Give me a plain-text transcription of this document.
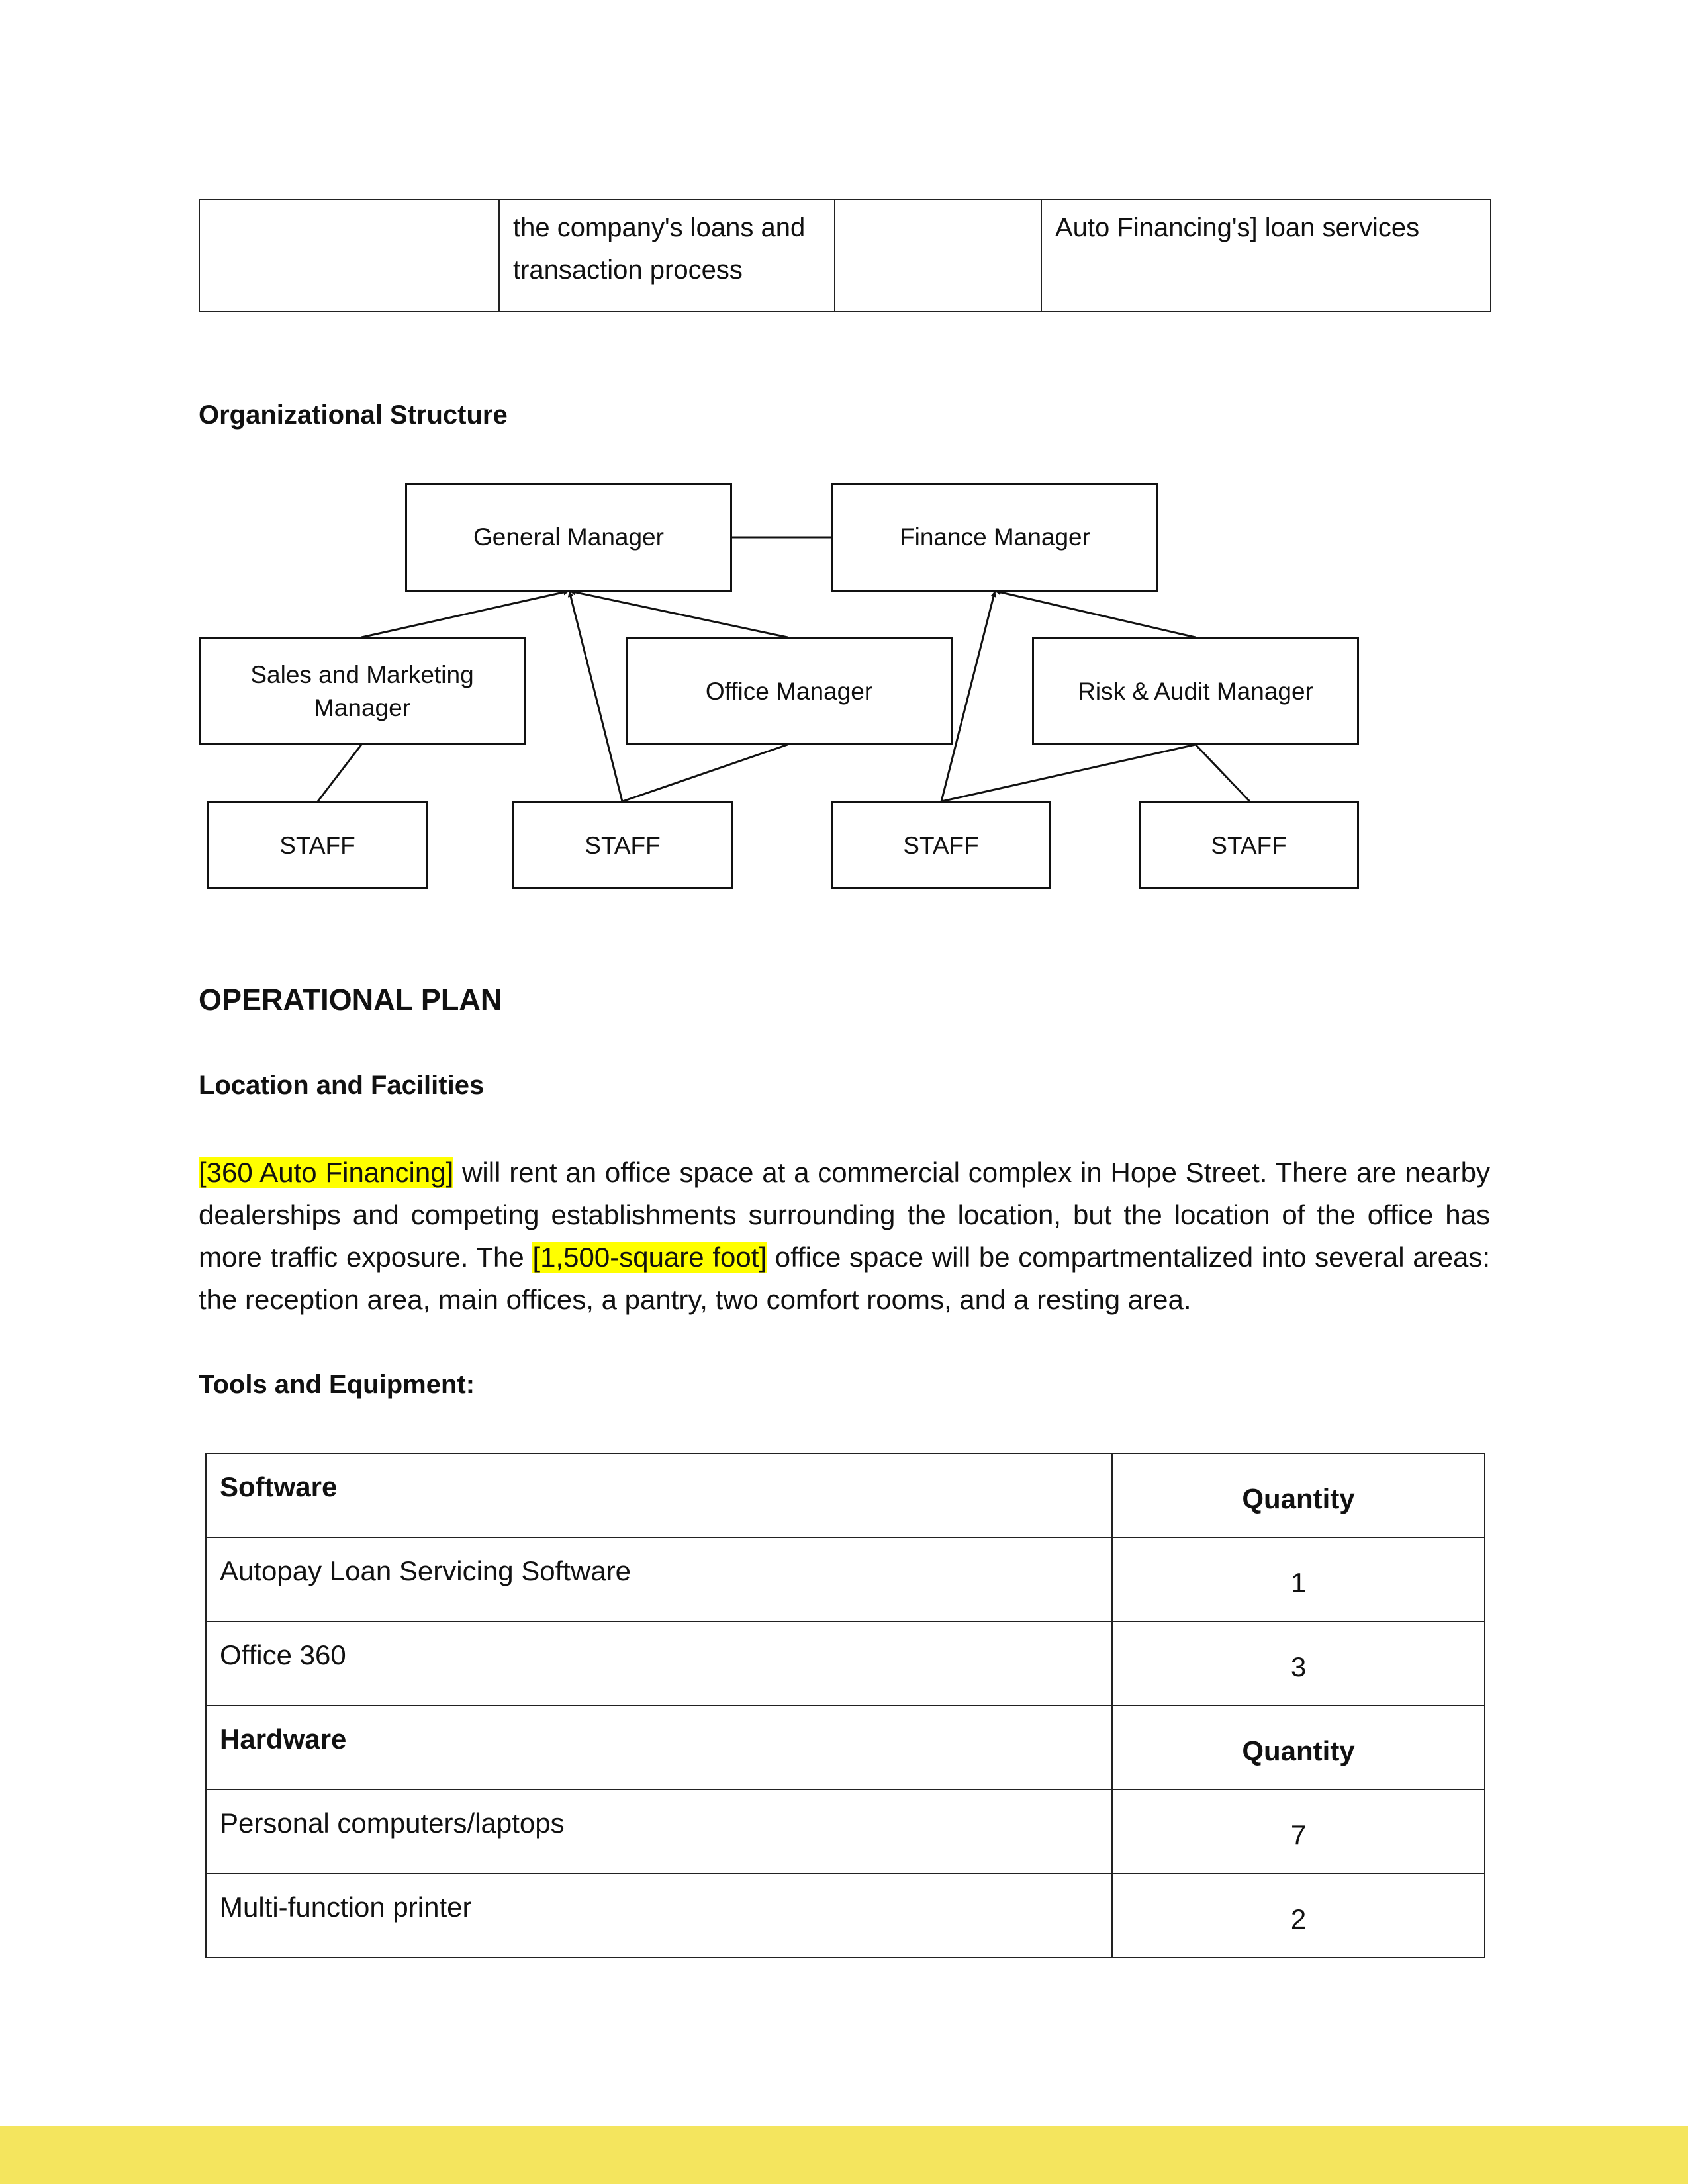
	the company's loans and transaction process		Auto Financing's] loan services
Organizational Structure
General Manager	Finance Manager
Sales and Marketing Manager
Office Manager	Risk & Audit Manager
STAFF	STAFF	STAFF	STAFF
OPERATIONAL PLAN
Location and Facilities

[360 Auto Financing] will rent an office space at a commercial complex in Hope Street. There are nearby dealerships and competing establishments surrounding the location, but the location of the office has more traffic exposure. The [1,500-square foot] office space will be compartmentalized into several areas: the reception area, main offices, a pantry, two comfort rooms, and a resting area.

Tools and Equipment:
Software	Quantity
Autopay Loan Servicing Software	1
Office 360	3
Hardware	Quantity
Personal computers/laptops	7
Multi-function printer	2
